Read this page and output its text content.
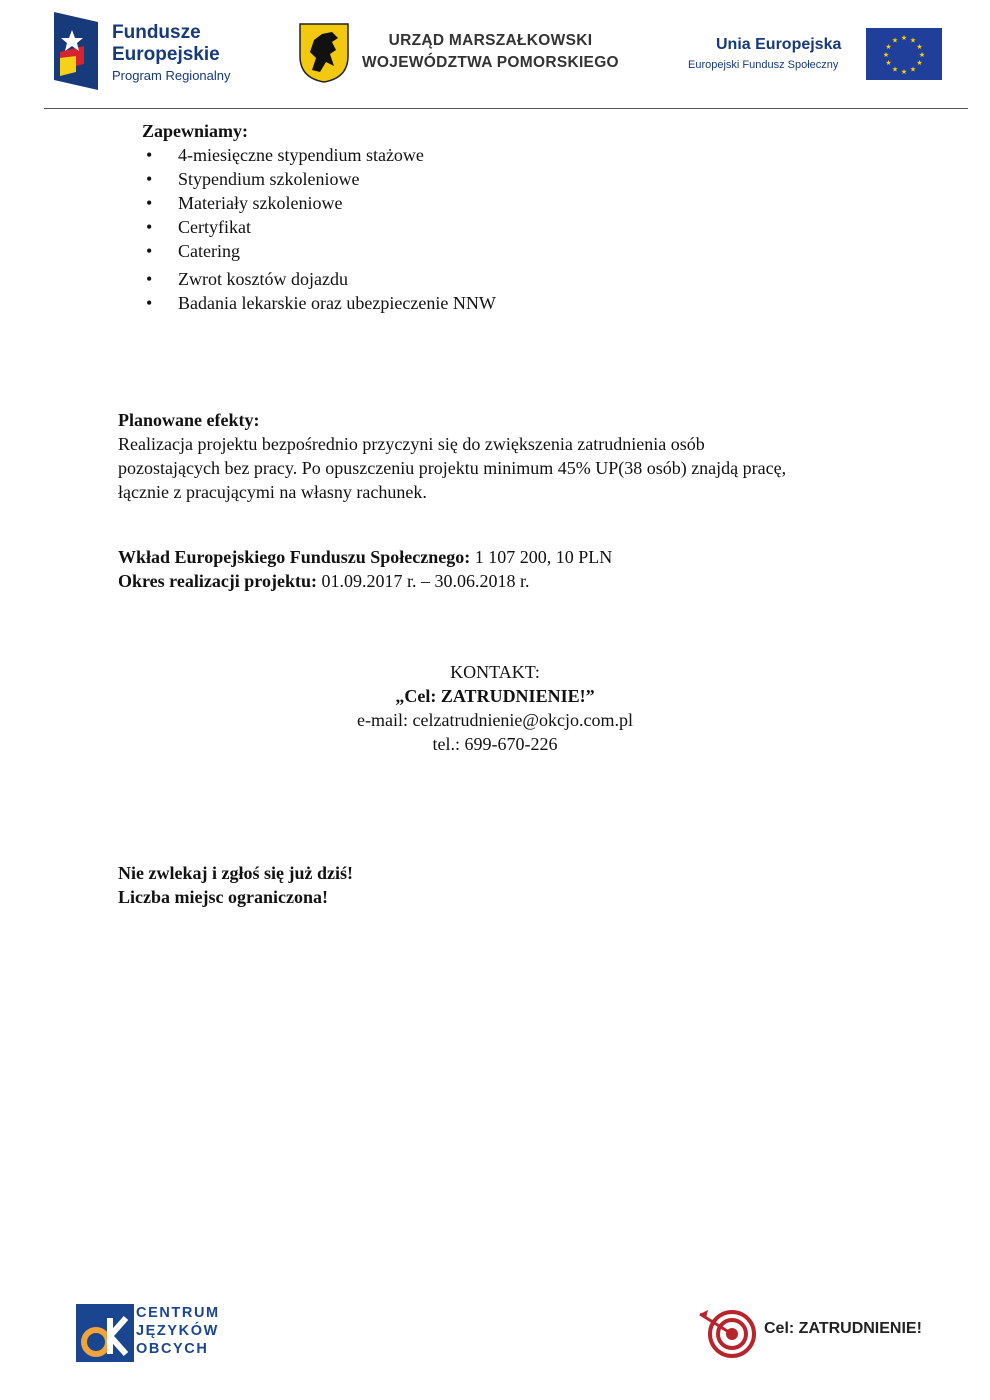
Fundusze
Europejskie
Program Regionalny
URZĄD MARSZAŁKOWSKI
WOJEWÓDZTWA POMORSKIEGO
Unia Europejska
Europejski Fundusz Społeczny
★ ★
★
★
★
★
★
★
★
★
★
★
Zapewniamy:
• 4-miesięczne stypendium stażowe
• Stypendium szkoleniowe
• Materiały szkoleniowe
• Certyfikat
• Catering
• Zwrot kosztów dojazdu
• Badania lekarskie oraz ubezpieczenie NNW
Planowane efekty:
Realizacja projektu bezpośrednio przyczyni się do zwiększenia zatrudnienia osób
pozostających bez pracy. Po opuszczeniu projektu minimum 45% UP(38 osób) znajdą pracę,
łącznie z pracującymi na własny rachunek.
Wkład Europejskiego Funduszu Społecznego: 1 107 200, 10 PLN
Okres realizacji projektu: 01.09.2017 r. – 30.06.2018 r.
KONTAKT:
„Cel: ZATRUDNIENIE!”
e-mail: celzatrudnienie@okcjo.com.pl
tel.: 699-670-226
Nie zwlekaj i zgłoś się już dziś!
Liczba miejsc ograniczona!
CENTRUM
JĘZYKÓW
OBCYCH
Cel: ZATRUDNIENIE!
